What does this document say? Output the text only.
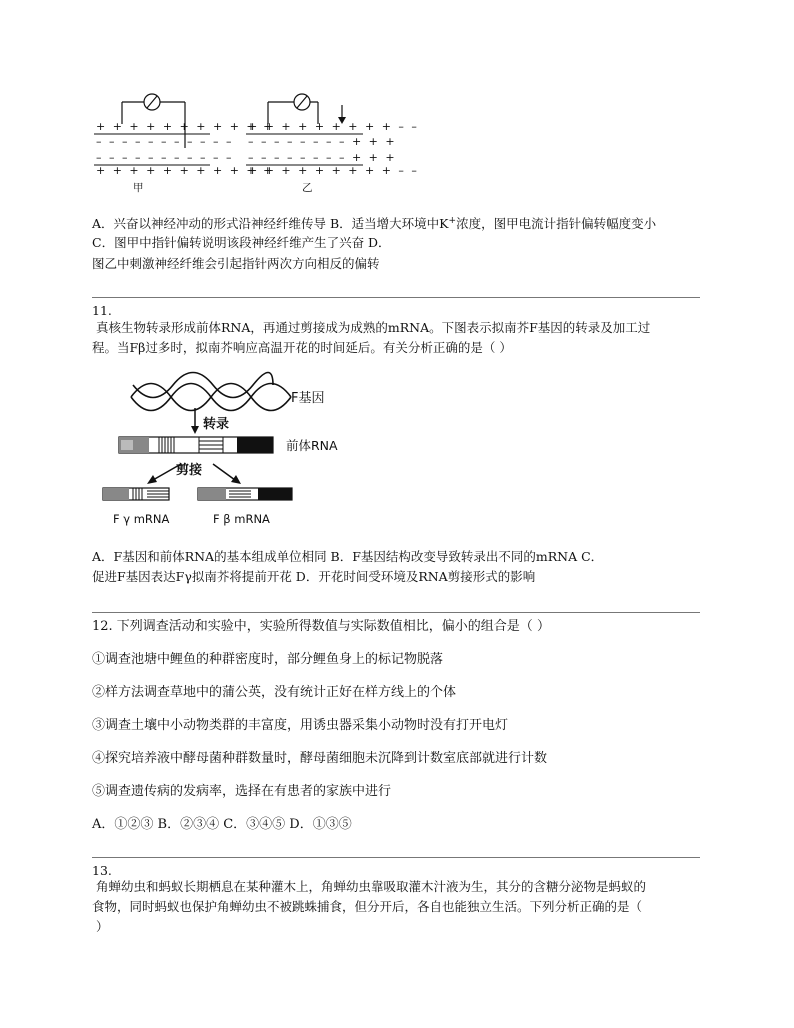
+ + + + + + + + + + +
– – – – – – – – – – –
– – – – – – – – – – –
+ + + + + + + + + + +
甲
+ + + + + + + + + – –
– – – – – – – – + + +
– – – – – – – – + + +
+ + + + + + + + + – –
乙
A．兴奋以神经冲动的形式沿神经纤维传导 B．适当增大环境中K+浓度，图甲电流计指针偏转幅度变小
C．图甲中指针偏转说明该段神经纤维产生了兴奋 D．
图乙中刺激神经纤维会引起指针两次方向相反的偏转
11.
真核生物转录形成前体RNA，再通过剪接成为成熟的mRNA。下图表示拟南芥F基因的转录及加工过
程。当Fβ过多时，拟南芥响应高温开花的时间延后。有关分析正确的是（ ）
F基因
转录
前体RNA
剪接
F γ mRNA	F β mRNA
A．F基因和前体RNA的基本组成单位相同 B．F基因结构改变导致转录出不同的mRNA C．
促进F基因表达Fγ拟南芥将提前开花 D．开花时间受环境及RNA剪接形式的影响
12. 下列调查活动和实验中，实验所得数值与实际数值相比，偏小的组合是（ ）
①调查池塘中鲤鱼的种群密度时，部分鲤鱼身上的标记物脱落
②样方法调查草地中的蒲公英，没有统计正好在样方线上的个体
③调查土壤中小动物类群的丰富度，用诱虫器采集小动物时没有打开电灯
④探究培养液中酵母菌种群数量时，酵母菌细胞未沉降到计数室底部就进行计数
⑤调查遗传病的发病率，选择在有患者的家族中进行
A．①②③ B．②③④ C．③④⑤ D．①③⑤
13.
角蝉幼虫和蚂蚁长期栖息在某种灌木上，角蝉幼虫靠吸取灌木汁液为生，其分的含糖分泌物是蚂蚁的
食物，同时蚂蚁也保护角蝉幼虫不被跳蛛捕食，但分开后，各自也能独立生活。下列分析正确的是（
）
